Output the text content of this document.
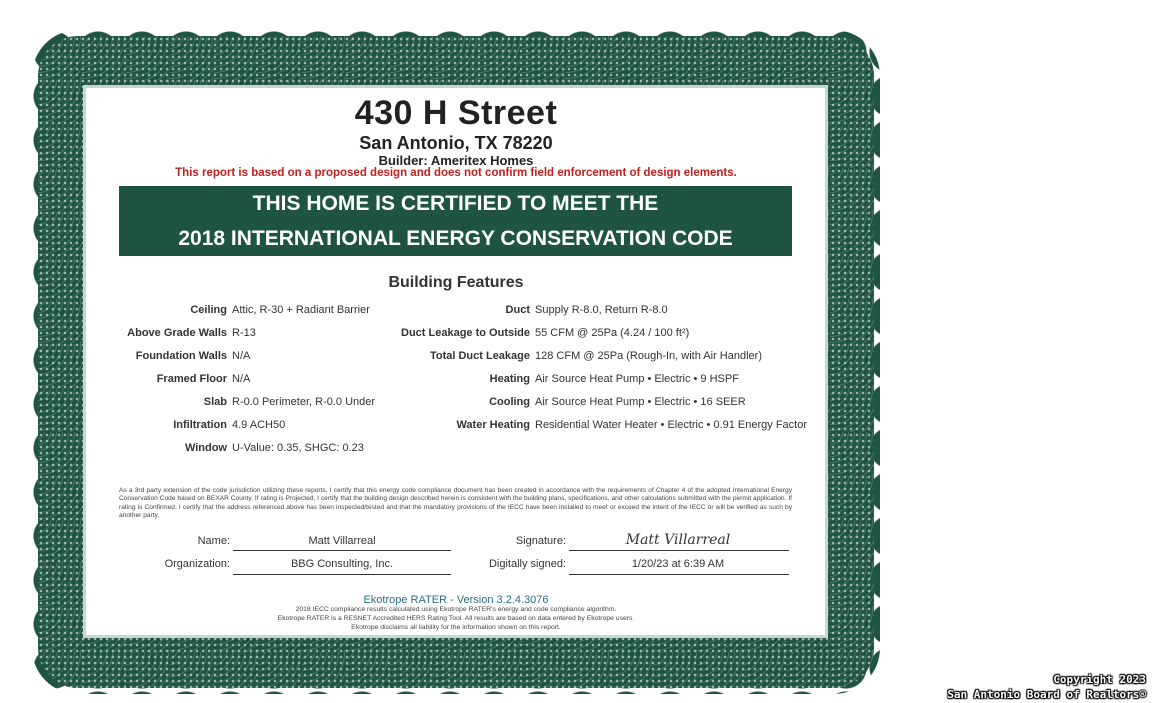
430 H Street
San Antonio, TX 78220
Builder: Ameritex Homes
This report is based on a proposed design and does not confirm field enforcement of design elements.
THIS HOME IS CERTIFIED TO MEET THE
2018 INTERNATIONAL ENERGY CONSERVATION CODE
Building Features
Ceiling Attic, R-30 + Radiant Barrier
Above Grade Walls R-13
Foundation Walls N/A
Framed Floor N/A
Slab R-0.0 Perimeter, R-0.0 Under
Infiltration 4.9 ACH50
Window U-Value: 0.35, SHGC: 0.23
Duct Supply R-8.0, Return R-8.0
Duct Leakage to Outside 55 CFM @ 25Pa (4.24 / 100 ft²)
Total Duct Leakage 128 CFM @ 25Pa (Rough-In, with Air Handler)
Heating Air Source Heat Pump • Electric • 9 HSPF
Cooling Air Source Heat Pump • Electric • 16 SEER
Water Heating Residential Water Heater • Electric • 0.91 Energy Factor
As a 3rd party extension of the code jurisdiction utilizing these reports, I certify that this energy code compliance document has been created in accordance with the requirements of Chapter 4 of the adopted International Energy Conservation Code based on BEXAR County. If rating is Projected, I certify that the building design described herein is consistent with the building plans, specifications, and other calculations submitted with the permit application. If rating is Confirmed, I certify that the address referenced above has been inspected/tested and that the mandatory provisions of the IECC have been installed to meet or exceed the intent of the IECC or will be verified as such by another party.
Name:	Matt Villarreal
Organization:	BBG Consulting, Inc.
Signature:	Matt Villarreal
Digitally signed:	1/20/23 at 6:39 AM
Ekotrope RATER - Version 3.2.4.3076
2018 IECC compliance results calculated using Ekotrope RATER's energy and code compliance algorithm.
Ekotrope RATER is a RESNET Accredited HERS Rating Tool. All results are based on data entered by Ekotrope users.
Ekotrope disclaims all liability for the information shown on this report.
Copyright 2023
San Antonio Board of Realtors®
